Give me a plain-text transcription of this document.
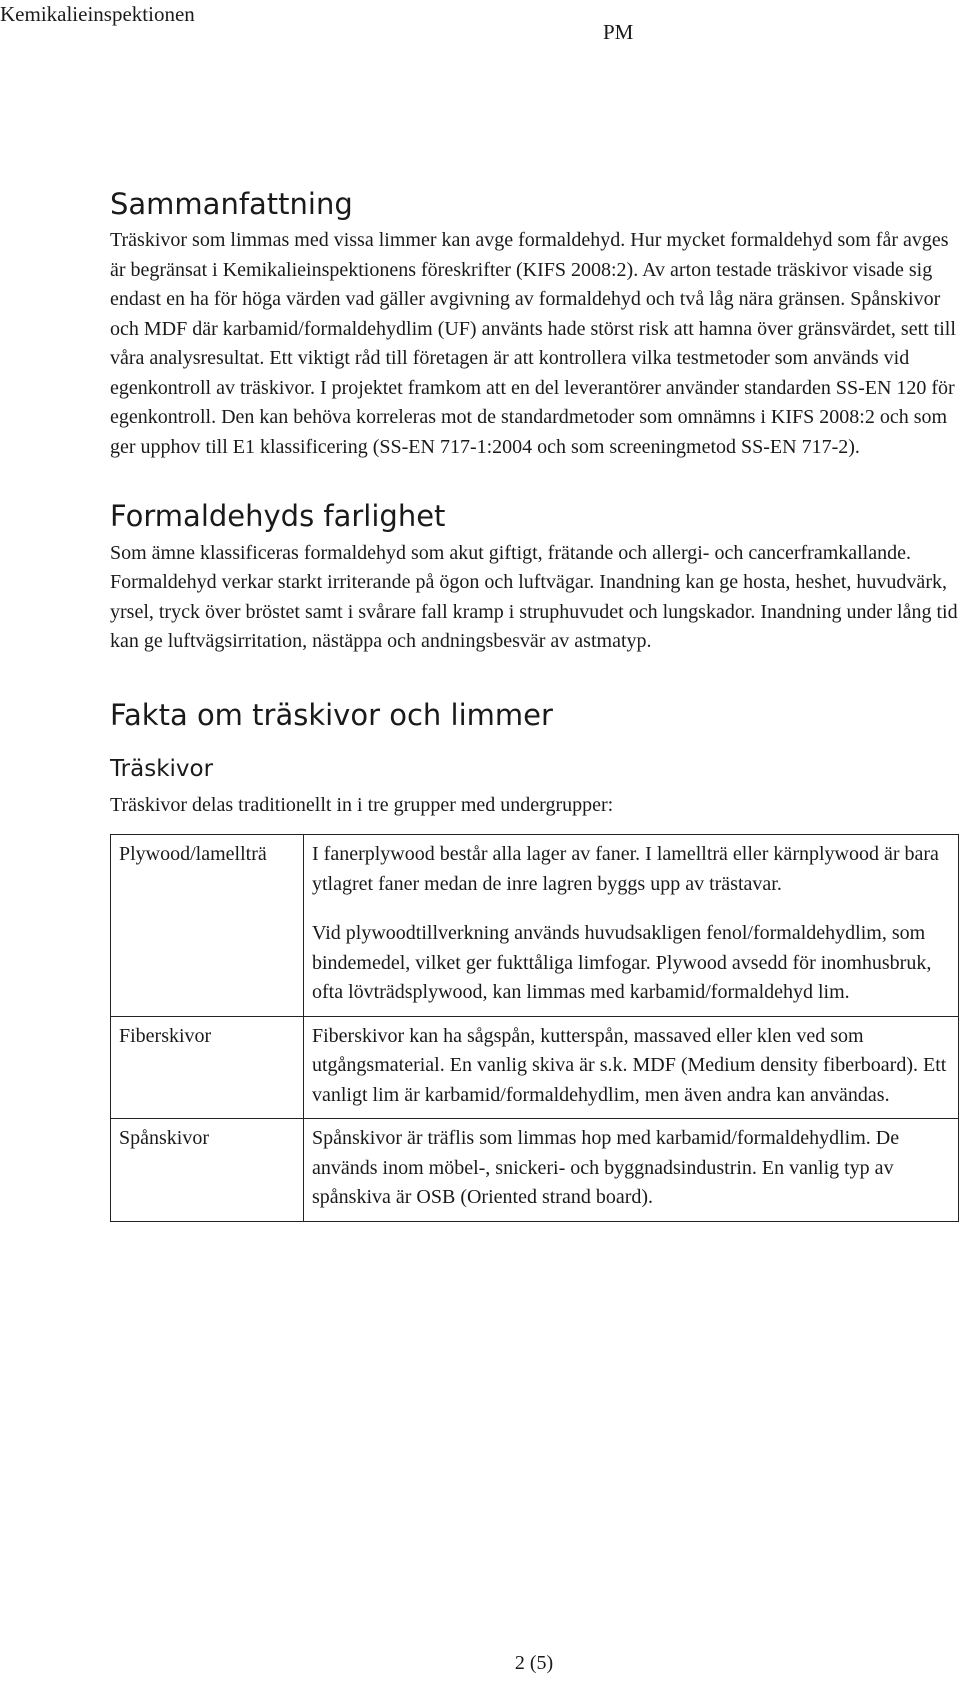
Kemikalieinspektionen
PM
Sammanfattning

Träskivor som limmas med vissa limmer kan avge formaldehyd. Hur mycket formaldehyd som får avges är begränsat i Kemikalieinspektionens föreskrifter (KIFS 2008:2). Av arton testade träskivor visade sig endast en ha för höga värden vad gäller avgivning av formaldehyd och två låg nära gränsen. Spånskivor och MDF där karbamid/formaldehydlim (UF) använts hade störst risk att hamna över gränsvärdet, sett till våra analysresultat. Ett viktigt råd till företagen är att kontrollera vilka testmetoder som används vid egenkontroll av träskivor. I projektet framkom att en del leverantörer använder standarden SS-EN 120 för egenkontroll. Den kan behöva korreleras mot de standardmetoder som omnämns i KIFS 2008:2 och som ger upphov till E1 klassificering (SS-EN 717-1:2004 och som screeningmetod SS-EN 717-2).

Formaldehyds farlighet

Som ämne klassificeras formaldehyd som akut giftigt, frätande och allergi- och cancerframkallande. Formaldehyd verkar starkt irriterande på ögon och luftvägar. Inandning kan ge hosta, heshet, huvudvärk, yrsel, tryck över bröstet samt i svårare fall kramp i struphuvudet och lungskador. Inandning under lång tid kan ge luftvägsirritation, nästäppa och andningsbesvär av astmatyp.

Fakta om träskivor och limmer
Träskivor

Träskivor delas traditionellt in i tre grupper med undergrupper:

Plywood/lamellträ	I fanerplywood består alla lager av faner. I lamellträ eller kärnplywood är bara ytlagret faner medan de inre lagren byggs upp av trästavar.

Vid plywoodtillverkning används huvudsakligen fenol/formaldehydlim, som bindemedel, vilket ger fukttåliga limfogar. Plywood avsedd för inomhusbruk, ofta lövträdsplywood, kan limmas med karbamid/formaldehyd lim.

Fiberskivor	Fiberskivor kan ha sågspån, kutterspån, massaved eller klen ved som utgångsmaterial. En vanlig skiva är s.k. MDF (Medium density fiberboard). Ett vanligt lim är karbamid/formaldehydlim, men även andra kan användas.

Spånskivor	Spånskivor är träflis som limmas hop med karbamid/formaldehydlim. De används inom möbel-, snickeri- och byggnadsindustrin. En vanlig typ av spånskiva är OSB (Oriented strand board).

2 (5)
